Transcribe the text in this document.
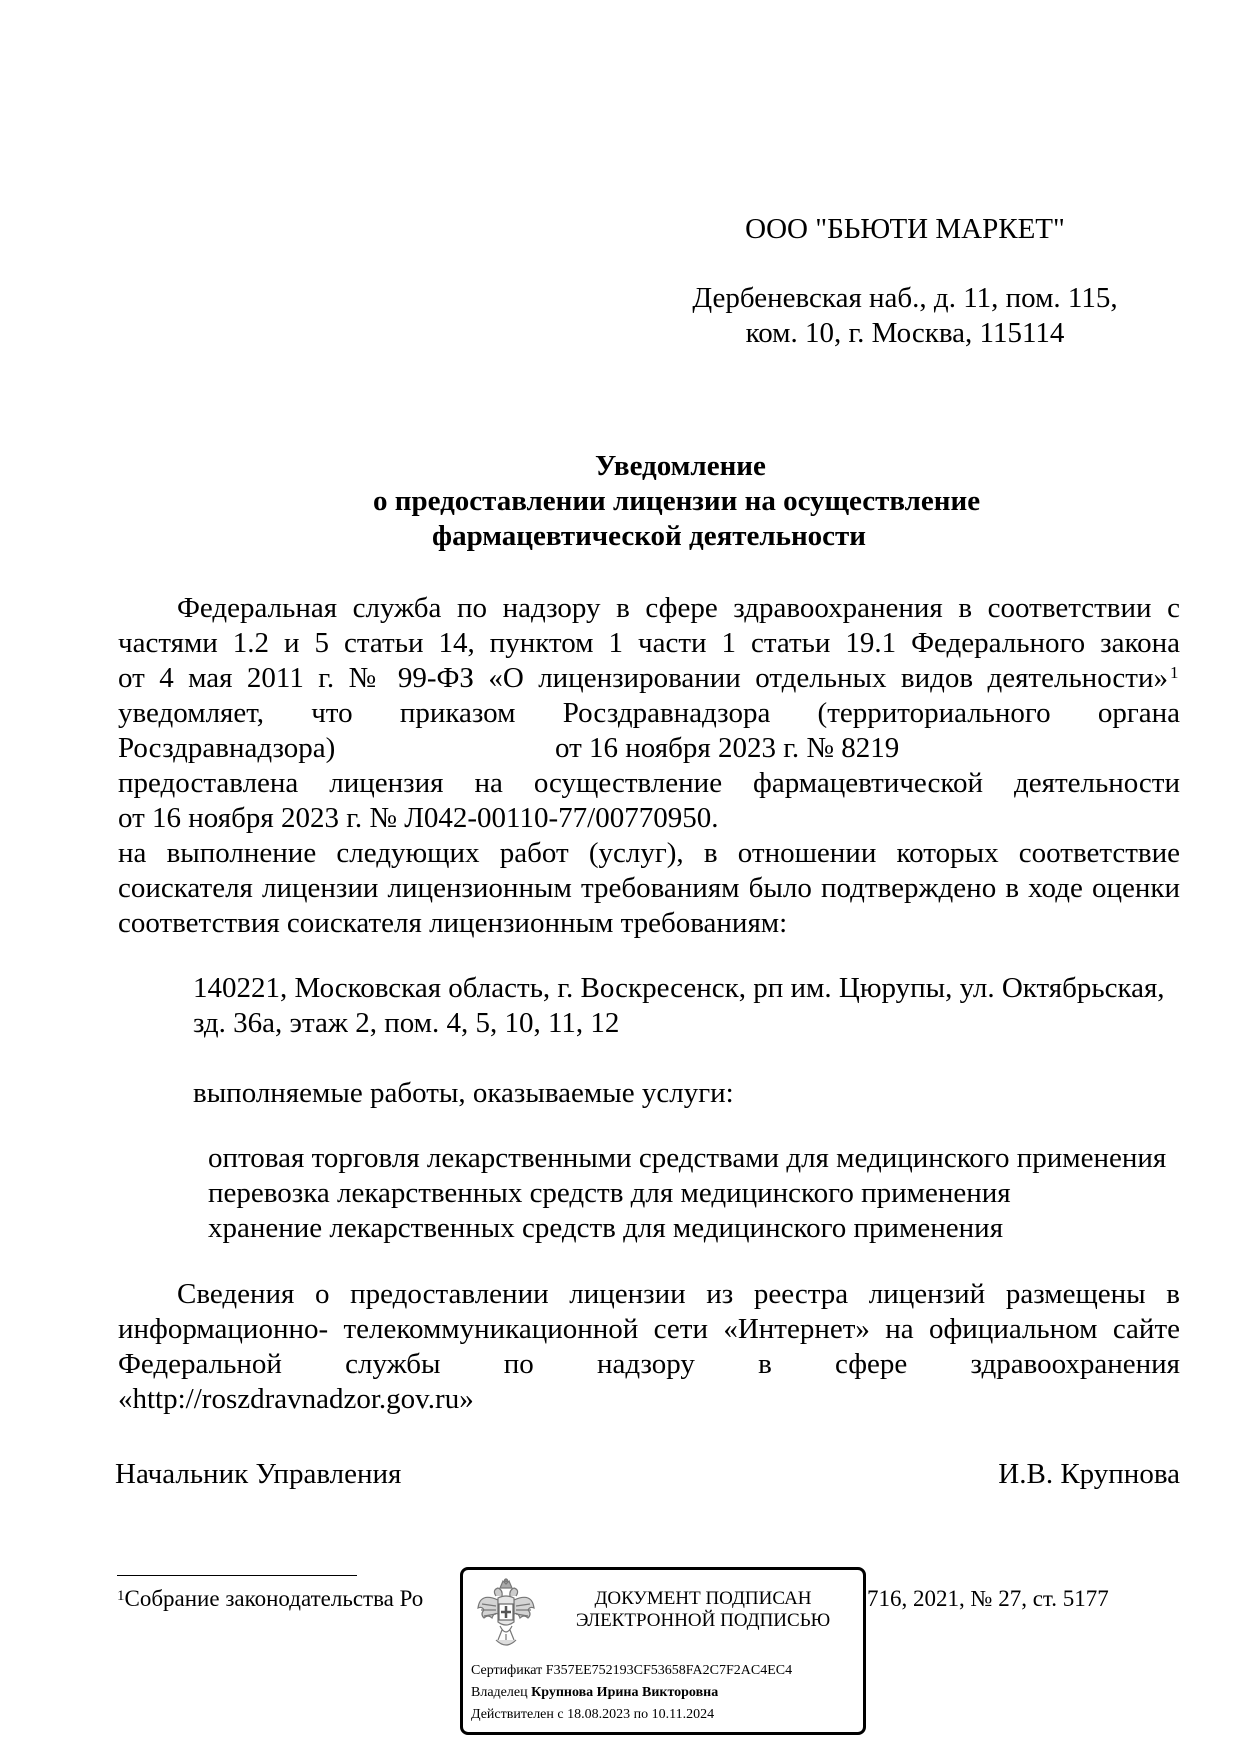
ООО "БЬЮТИ МАРКЕТ"
Дербеневская наб., д. 11, пом. 115,
ком. 10, г. Москва, 115114
Уведомление
о предоставлении лицензии на осуществление
фармацевтической деятельности
Федеральная служба по надзору в сфере здравоохранения в соответствии с
частями 1.2 и 5 статьи 14, пунктом 1 части 1 статьи 19.1 Федерального закона
от 4 мая 2011 г. № 99-ФЗ «О лицензировании отдельных видов деятельности» 1
уведомляет, что приказом Росздравнадзора (территориального органа
Росздравнадзора)	от 16 ноября 2023 г. № 8219
предоставлена лицензия на осуществление фармацевтической деятельности
от 16 ноября 2023 г. № Л042-00110-77/00770950.
на выполнение следующих работ (услуг), в отношении которых соответствие
соискателя лицензии лицензионным требованиям было подтверждено в ходе оценки
соответствия соискателя лицензионным требованиям:
140221, Московская область, г. Воскресенск, рп им. Цюрупы, ул. Октябрьская,
зд. 36а, этаж 2, пом. 4, 5, 10, 11, 12
выполняемые работы, оказываемые услуги:
оптовая торговля лекарственными средствами для медицинского применения
перевозка лекарственных средств для медицинского применения
хранение лекарственных средств для медицинского применения
Сведения о предоставлении лицензии из реестра лицензий размещены в
информационно- телекоммуникационной сети «Интернет» на официальном сайте
Федеральной службы по надзору в сфере здравоохранения
«http://roszdravnadzor.gov.ru»
Начальник Управления	И.В. Крупнова
$^1$Собрание законодательства Ро	716, 2021, № 27, ст. 5177
ДОКУМЕНТ ПОДПИСАН
ЭЛЕКТРОННОЙ ПОДПИСЬЮ
Сертификат F357EE752193CF53658FA2C7F2AC4EC4
Владелец Крупнова Ирина Викторовна
Действителен с 18.08.2023 по 10.11.2024
